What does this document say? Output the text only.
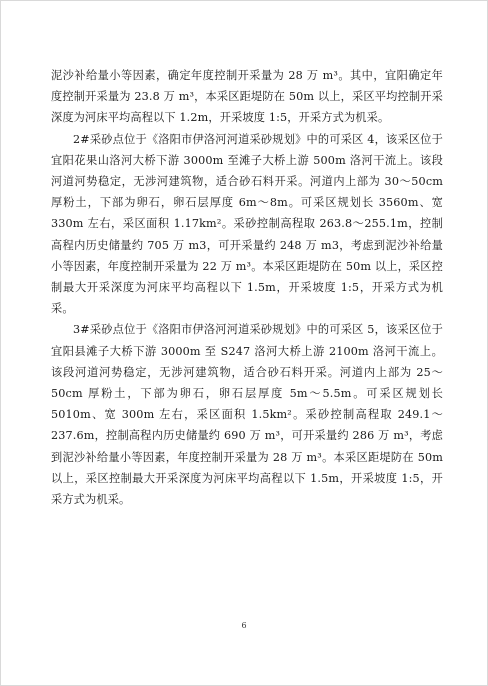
泥沙补给量小等因素，确定年度控制开采量为 28 万 m³。其中，宜阳确定年度控制开采量为 23.8 万 m³，本采区距堤防在 50m 以上，采区平均控制开采深度为河床平均高程以下 1.2m，开采坡度 1:5，开采方式为机采。

2#采砂点位于《洛阳市伊洛河河道采砂规划》中的可采区 4，该采区位于宜阳花果山洛河大桥下游 3000m 至滩子大桥上游 500m 洛河干流上。该段河道河势稳定，无涉河建筑物，适合砂石料开采。河道内上部为 30～50cm 厚粉土，下部为卵石，卵石层厚度 6m～8m。可采区规划长 3560m、宽 330m 左右，采区面积 1.17km²。采砂控制高程取 263.8～255.1m，控制高程内历史储量约 705 万 m3，可开采量约 248 万 m3，考虑到泥沙补给量小等因素，年度控制开采量为 22 万 m³。本采区距堤防在 50m 以上，采区控制最大开采深度为河床平均高程以下 1.5m，开采坡度 1:5，开采方式为机采。

3#采砂点位于《洛阳市伊洛河河道采砂规划》中的可采区 5，该采区位于宜阳县滩子大桥下游 3000m 至 S247 洛河大桥上游 2100m 洛河干流上。该段河道河势稳定，无涉河建筑物，适合砂石料开采。河道内上部为 25～50cm 厚粉土，下部为卵石，卵石层厚度 5m～5.5m。可采区规划长 5010m、宽 300m 左右，采区面积 1.5km²。采砂控制高程取 249.1～237.6m，控制高程内历史储量约 690 万 m³，可开采量约 286 万 m³，考虑到泥沙补给量小等因素，年度控制开采量为 28 万 m³。本采区距堤防在 50m 以上，采区控制最大开采深度为河床平均高程以下 1.5m，开采坡度 1:5，开采方式为机采。

6
